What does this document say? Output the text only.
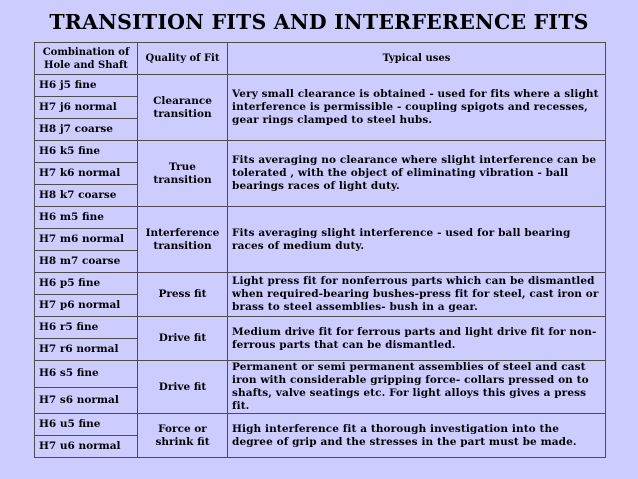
TRANSITION FITS AND INTERFERENCE FITS
Combination of Hole and Shaft	Quality of Fit	Typical uses
H6 j5 fine	Clearance transition	Very small clearance is obtained - used for fits where a slight interference is permissible - coupling spigots and recesses, gear rings clamped to steel hubs.
H7 j6 normal		
H8 j7 coarse		
H6 k5 fine	True transition	Fits averaging no clearance where slight interference can be tolerated , with the object of eliminating vibration - ball bearings races of light duty.
H7 k6 normal		
H8 k7 coarse		
H6 m5 fine	Interference transition	Fits averaging slight interference - used for ball bearing races of medium duty.
H7 m6 normal		
H8 m7 coarse		
H6 p5 fine	Press fit	Light press fit for nonferrous parts which can be dismantled when required-bearing bushes-press fit for steel, cast iron or brass to steel assemblies- bush in a gear.
H7 p6 normal		
H6 r5 fine	Drive fit	Medium drive fit for ferrous parts and light drive fit for non-ferrous parts that can be dismantled.
H7 r6 normal		
H6 s5 fine	Drive fit	Permanent or semi permanent assemblies of steel and cast iron with considerable gripping force- collars pressed on to shafts, valve seatings etc. For light alloys this gives a press fit.
H7 s6 normal		
H6 u5 fine	Force or shrink fit	High interference fit a thorough investigation into the degree of grip and the stresses in the part must be made.
H7 u6 normal		
